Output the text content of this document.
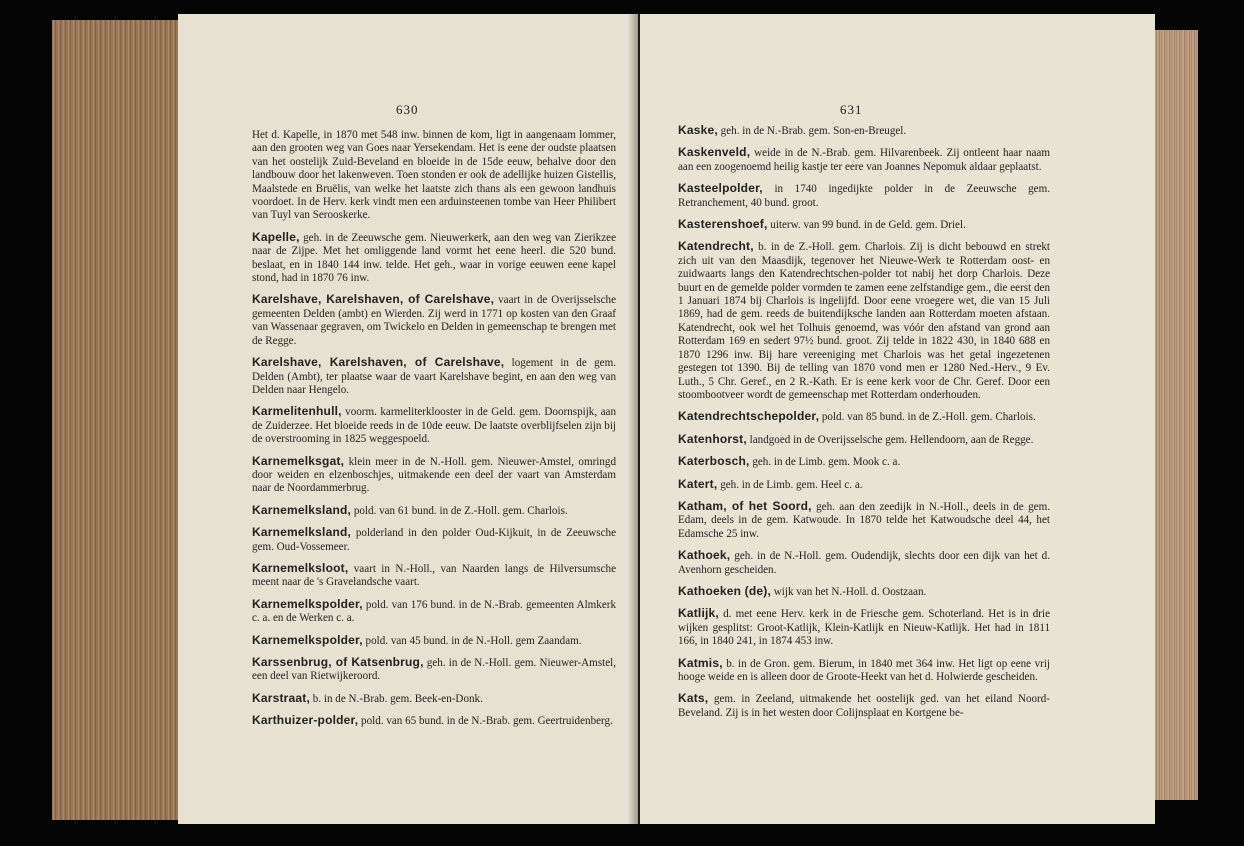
630

Het d. Kapelle, in 1870 met 548 inw. binnen de kom, ligt in aangenaam lommer, aan den grooten weg van Goes naar Yersekendam. Het is eene der oudste plaatsen van het oostelijk Zuid-Beveland en bloeide in de 15de eeuw, behalve door den landbouw door het lakenweven. Toen stonden er ook de adellijke huizen Gistellis, Maalstede en Bruëlis, van welke het laatste zich thans als een gewoon landhuis voordoet. In de Herv. kerk vindt men een arduinsteenen tombe van Heer Philibert van Tuyl van Serooskerke.

Kapelle, geh. in de Zeeuwsche gem. Nieuwerkerk, aan den weg van Zierikzee naar de Zijpe. Met het omliggende land vormt het eene heerl. die 520 bund. beslaat, en in 1840 144 inw. telde. Het geh., waar in vorige eeuwen eene kapel stond, had in 1870 76 inw.

Karelshave, Karelshaven, of Carelshave, vaart in de Overijsselsche gemeenten Delden (ambt) en Wierden. Zij werd in 1771 op kosten van den Graaf van Wassenaar gegraven, om Twickelo en Delden in gemeenschap te brengen met de Regge.

Karelshave, Karelshaven, of Carelshave, logement in de gem. Delden (Ambt), ter plaatse waar de vaart Karelshave begint, en aan den weg van Delden naar Hengelo.

Karmelitenhull, voorm. karmeliterklooster in de Geld. gem. Doornspijk, aan de Zuiderzee. Het bloeide reeds in de 10de eeuw. De laatste overblijfselen zijn bij de overstrooming in 1825 weggespoeld.

Karnemelksgat, klein meer in de N.-Holl. gem. Nieuwer-Amstel, omringd door weiden en elzenboschjes, uitmakende een deel der vaart van Amsterdam naar de Noordammerbrug.

Karnemelksland, pold. van 61 bund. in de Z.-Holl. gem. Charlois.

Karnemelksland, polderland in den polder Oud-Kijkuit, in de Zeeuwsche gem. Oud-Vossemeer.

Karnemelksloot, vaart in N.-Holl., van Naarden langs de Hilversumsche meent naar de 's Gravelandsche vaart.

Karnemelkspolder, pold. van 176 bund. in de N.-Brab. gemeenten Almkerk c. a. en de Werken c. a.

Karnemelkspolder, pold. van 45 bund. in de N.-Holl. gem Zaandam.

Karssenbrug, of Katsenbrug, geh. in de N.-Holl. gem. Nieuwer-Amstel, een deel van Rietwijkeroord.

Karstraat, b. in de N.-Brab. gem. Beek-en-Donk.

Karthuizer-polder, pold. van 65 bund. in de N.-Brab. gem. Geertruidenberg.

631

Kaske, geh. in de N.-Brab. gem. Son-en-Breugel.

Kaskenveld, weide in de N.-Brab. gem. Hilvarenbeek. Zij ontleent haar naam aan een zoogenoemd heilig kastje ter eere van Joannes Nepomuk aldaar geplaatst.

Kasteelpolder, in 1740 ingedijkte polder in de Zeeuwsche gem. Retranchement, 40 bund. groot.

Kasterenshoef, uiterw. van 99 bund. in de Geld. gem. Driel.

Katendrecht, b. in de Z.-Holl. gem. Charlois. Zij is dicht bebouwd en strekt zich uit van den Maasdijk, tegenover het Nieuwe-Werk te Rotterdam oost- en zuidwaarts langs den Katendrechtschen-polder tot nabij het dorp Charlois. Deze buurt en de gemelde polder vormden te zamen eene zelfstandige gem., die eerst den 1 Januari 1874 bij Charlois is ingelijfd. Door eene vroegere wet, die van 15 Juli 1869, had de gem. reeds de buitendijksche landen aan Rotterdam moeten afstaan. Katendrecht, ook wel het Tolhuis genoemd, was vóór den afstand van grond aan Rotterdam 169 en sedert 97½ bund. groot. Zij telde in 1822 430, in 1840 688 en 1870 1296 inw. Bij hare vereeniging met Charlois was het getal ingezetenen gestegen tot 1390. Bij de telling van 1870 vond men er 1280 Ned.-Herv., 9 Ev. Luth., 5 Chr. Geref., en 2 R.-Kath. Er is eene kerk voor de Chr. Geref. Door een stoombootveer wordt de gemeenschap met Rotterdam onderhouden.

Katendrechtschepolder, pold. van 85 bund. in de Z.-Holl. gem. Charlois.

Katenhorst, landgoed in de Overijsselsche gem. Hellendoorn, aan de Regge.

Katerbosch, geh. in de Limb. gem. Mook c. a.

Katert, geh. in de Limb. gem. Heel c. a.

Katham, of het Soord, geh. aan den zeedijk in N.-Holl., deels in de gem. Edam, deels in de gem. Katwoude. In 1870 telde het Katwoudsche deel 44, het Edamsche 25 inw.

Kathoek, geh. in de N.-Holl. gem. Oudendijk, slechts door een dijk van het d. Avenhorn gescheiden.

Kathoeken (de), wijk van het N.-Holl. d. Oostzaan.

Katlijk, d. met eene Herv. kerk in de Friesche gem. Schoterland. Het is in drie wijken gesplitst: Groot-Katlijk, Klein-Katlijk en Nieuw-Katlijk. Het had in 1811 166, in 1840 241, in 1874 453 inw.

Katmis, b. in de Gron. gem. Bierum, in 1840 met 364 inw. Het ligt op eene vrij hooge weide en is alleen door de Groote-Heekt van het d. Holwierde gescheiden.

Kats, gem. in Zeeland, uitmakende het oostelijk ged. van het eiland Noord-Beveland. Zij is in het westen door Colijnsplaat en Kortgene be-
